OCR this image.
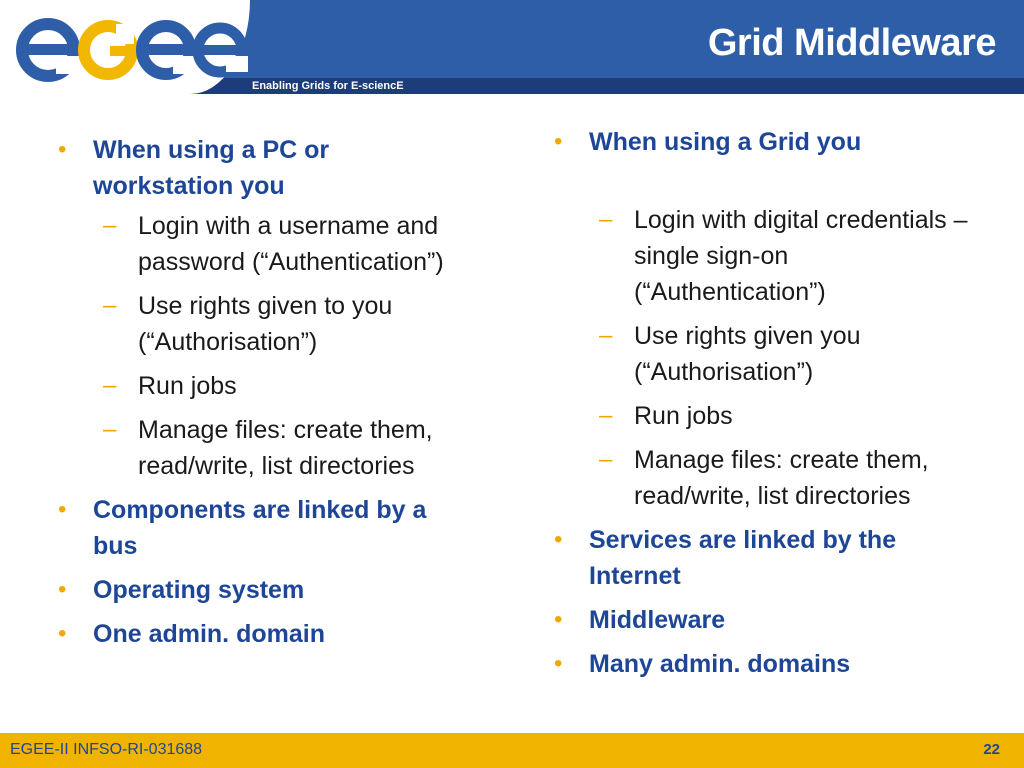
Enabling Grids for E-sciencE
Grid Middleware
• When using a PC or workstation you
– Login with a username and password (“Authentication”)
– Use rights given to you (“Authorisation”)
– Run jobs
– Manage files: create them, read/write, list directories
• Components are linked by a bus
• Operating system
• One admin. domain
• When using a Grid you
– Login with digital credentials – single sign-on (“Authentication”)
– Use rights given you (“Authorisation”)
– Run jobs
– Manage files: create them, read/write, list directories
• Services are linked by the Internet
• Middleware
• Many admin. domains
EGEE-II INFSO-RI-031688	22
